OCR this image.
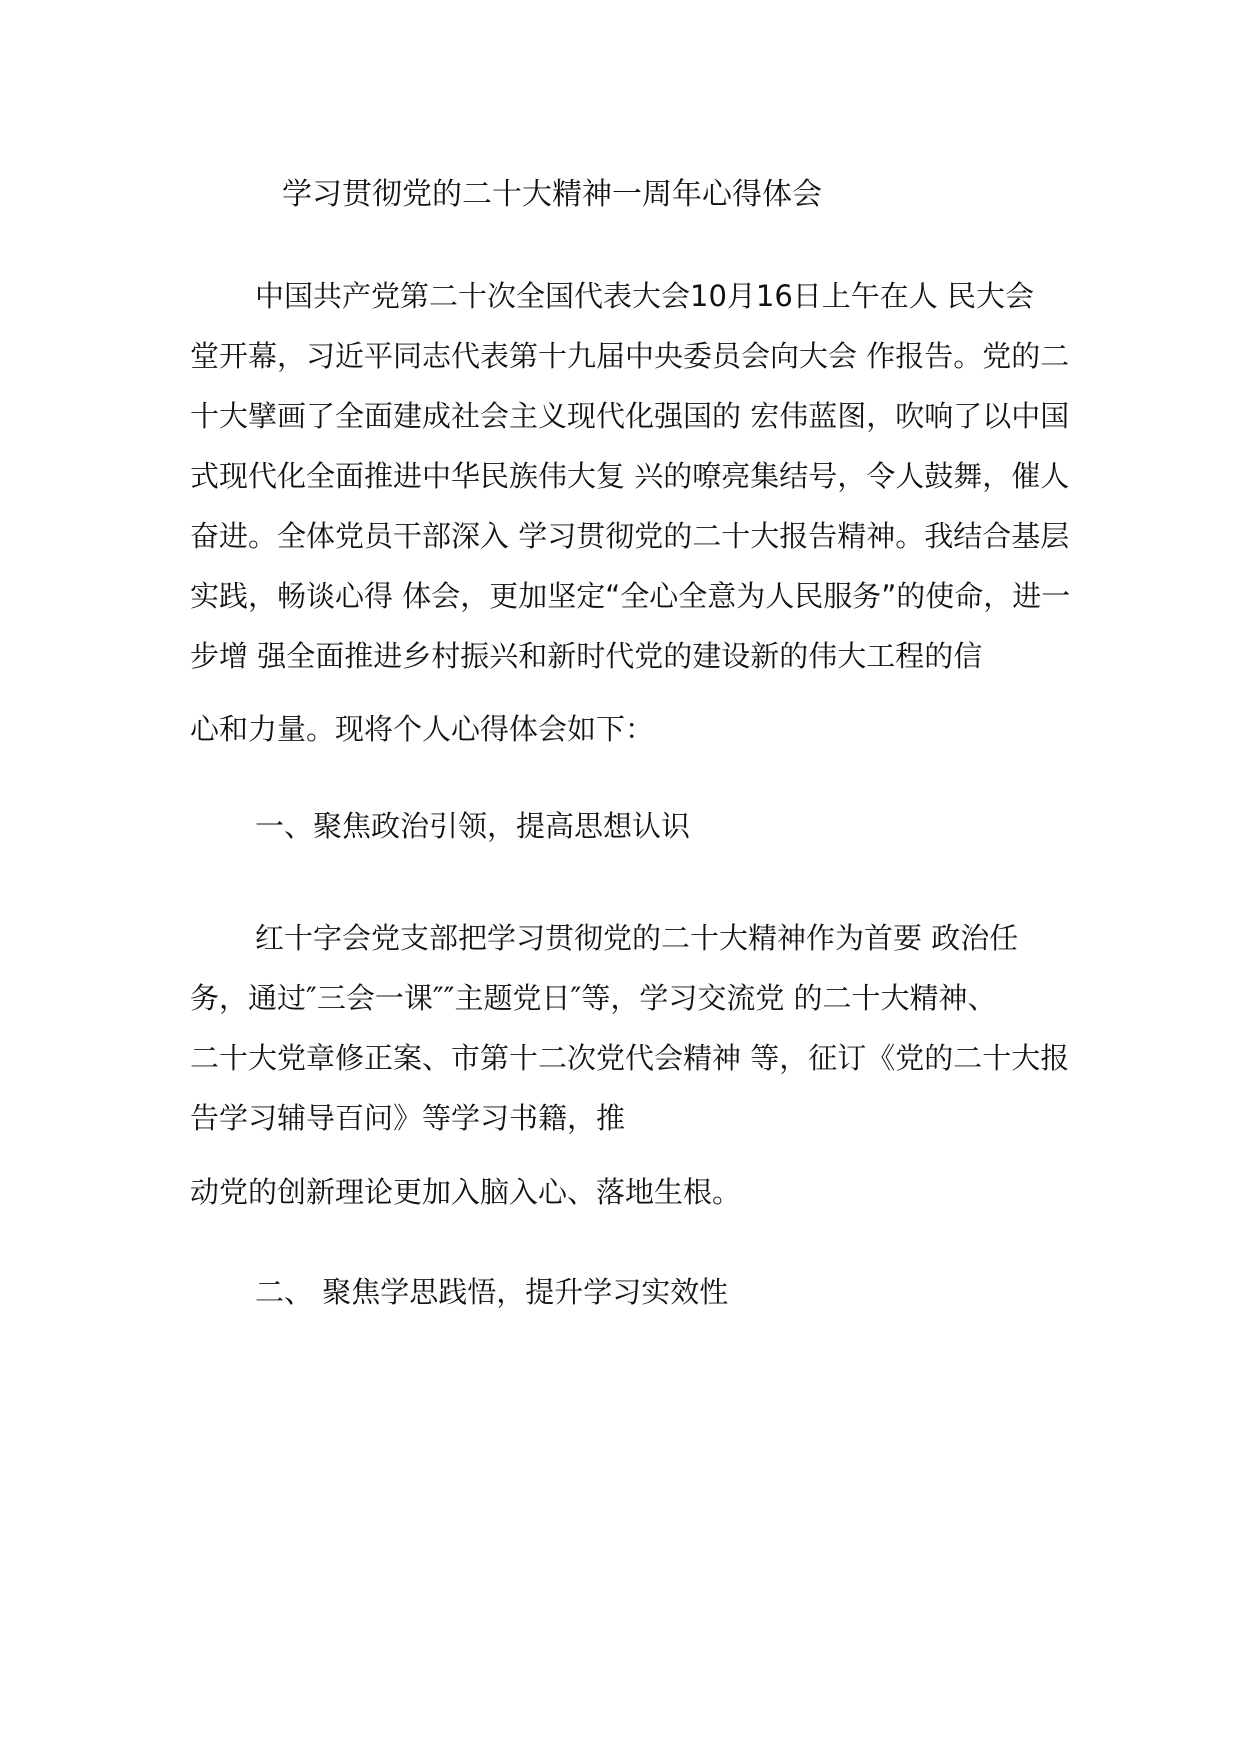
学习贯彻党的二十大精神一周年心得体会
中国共产党第二十次全国代表大会10月16日上午在人 民大会
堂开幕，习近平同志代表第十九届中央委员会向大会 作报告。党的二
十大擘画了全面建成社会主义现代化强国的 宏伟蓝图，吹响了以中国
式现代化全面推进中华民族伟大复 兴的嘹亮集结号，令人鼓舞，催人
奋进。全体党员干部深入 学习贯彻党的二十大报告精神。我结合基层
实践，畅谈心得 体会，更加坚定“全心全意为人民服务”的使命，进一
步增 强全面推进乡村振兴和新时代党的建设新的伟大工程的信
心和力量。现将个人心得体会如下：
一、聚焦政治引领，提高思想认识
红十字会党支部把学习贯彻党的二十大精神作为首要 政治任
务，通过″三会一课″″主题党日″等，学习交流党 的二十大精神、
二十大党章修正案、市第十二次党代会精神 等，征订《党的二十大报
告学习辅导百问》等学习书籍，推
动党的创新理论更加入脑入心、落地生根。
二、 聚焦学思践悟，提升学习实效性
